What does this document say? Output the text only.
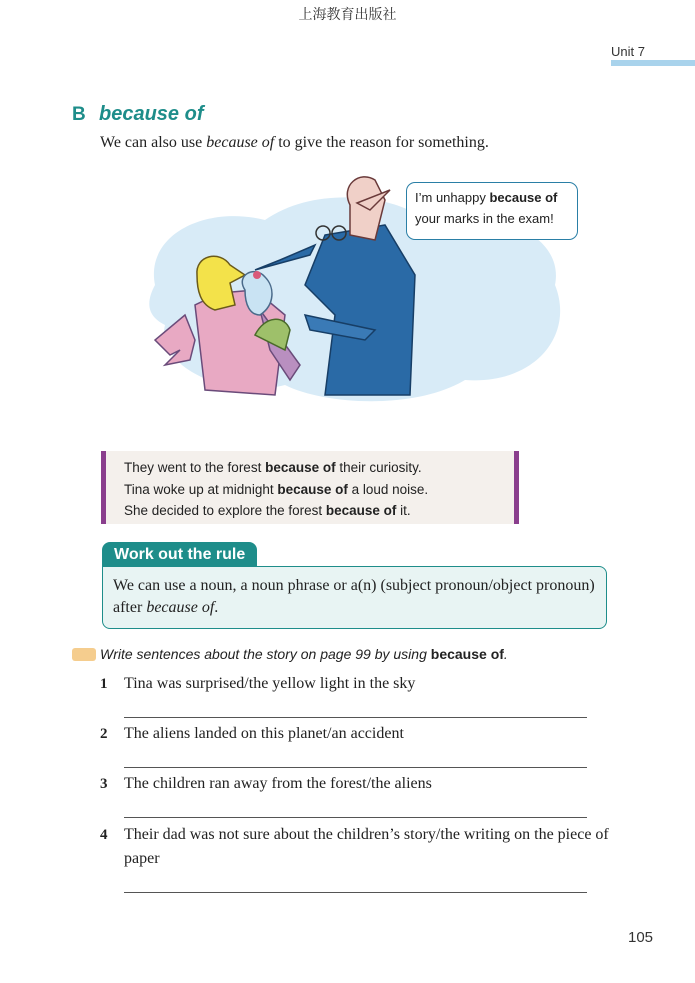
上海教育出版社
Unit 7
B because of
We can also use because of to give the reason for something.
I’m unhappy because of
your marks in the exam!
They went to the forest because of their curiosity.
Tina woke up at midnight because of a loud noise.
She decided to explore the forest because of it.
Work out the rule
We can use a noun, a noun phrase or a(n) (subject pronoun/object pronoun) after because of.
Write sentences about the story on page 99 by using because of.
1 Tina was surprised/the yellow light in the sky
2 The aliens landed on this planet/an accident
3 The children ran away from the forest/the aliens
4 Their dad was not sure about the children’s story/the writing on the piece of paper
105
